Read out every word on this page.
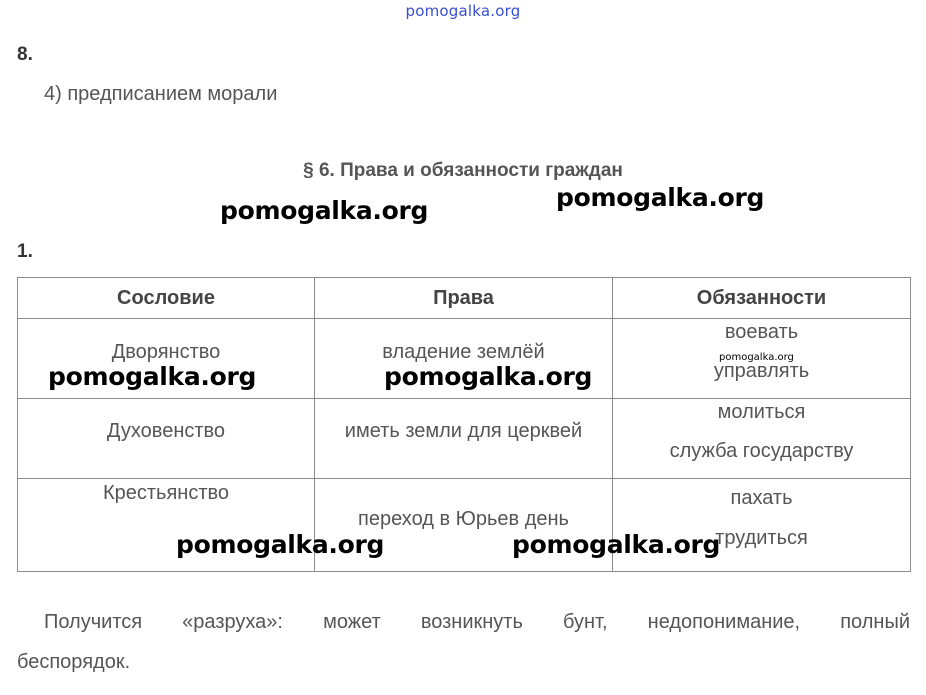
pomogalka.org
8.
4) предписанием морали
§ 6. Права и обязанности граждан
pomogalka.org	pomogalka.org
1.
Сословие	Права	Обязанности

Дворянство	владение землёй	воевать
управлять

Духовенство	иметь земли для церквей	молиться
служба государству

Крестьянство	переход в Юрьев день	пахать
трудиться
pomogalka.org
pomogalka.org	pomogalka.org
pomogalka.org	pomogalka.org
Получится «разруха»: может возникнуть бунт, недопонимание, полный
беспорядок.
